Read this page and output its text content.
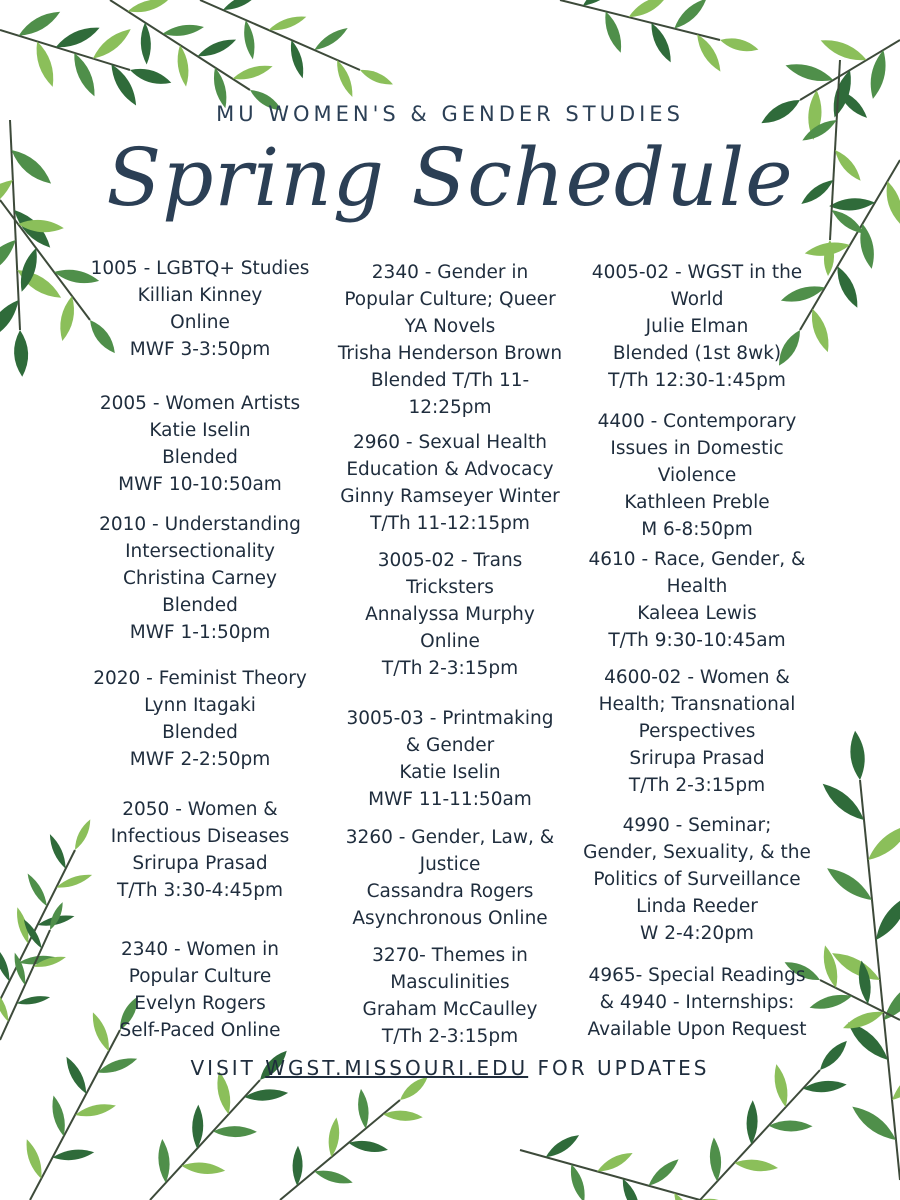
MU WOMEN'S & GENDER STUDIES
Spring Schedule
1005 - LGBTQ+ Studies
Killian Kinney
Online
MWF 3-3:50pm
2005 - Women Artists
Katie Iselin
Blended
MWF 10-10:50am
2010 - Understanding
Intersectionality
Christina Carney
Blended
MWF 1-1:50pm
2020 - Feminist Theory
Lynn Itagaki
Blended
MWF 2-2:50pm
2050 - Women &
Infectious Diseases
Srirupa Prasad
T/Th 3:30-4:45pm
2340 - Women in
Popular Culture
Evelyn Rogers
Self-Paced Online
2340 - Gender in
Popular Culture; Queer
YA Novels
Trisha Henderson Brown
Blended T/Th 11-
12:25pm
2960 - Sexual Health
Education & Advocacy
Ginny Ramseyer Winter
T/Th 11-12:15pm
3005-02 - Trans
Tricksters
Annalyssa Murphy
Online
T/Th 2-3:15pm
3005-03 - Printmaking
& Gender
Katie Iselin
MWF 11-11:50am
3260 - Gender, Law, &
Justice
Cassandra Rogers
Asynchronous Online
3270- Themes in
Masculinities
Graham McCaulley
T/Th 2-3:15pm
4005-02 - WGST in the
World
Julie Elman
Blended (1st 8wk)
T/Th 12:30-1:45pm
4400 - Contemporary
Issues in Domestic
Violence
Kathleen Preble
M 6-8:50pm
4610 - Race, Gender, &
Health
Kaleea Lewis
T/Th 9:30-10:45am
4600-02 - Women &
Health; Transnational
Perspectives
Srirupa Prasad
T/Th 2-3:15pm
4990 - Seminar;
Gender, Sexuality, & the
Politics of Surveillance
Linda Reeder
W 2-4:20pm
4965- Special Readings
& 4940 - Internships:
Available Upon Request
VISIT WGST.MISSOURI.EDU FOR UPDATES
